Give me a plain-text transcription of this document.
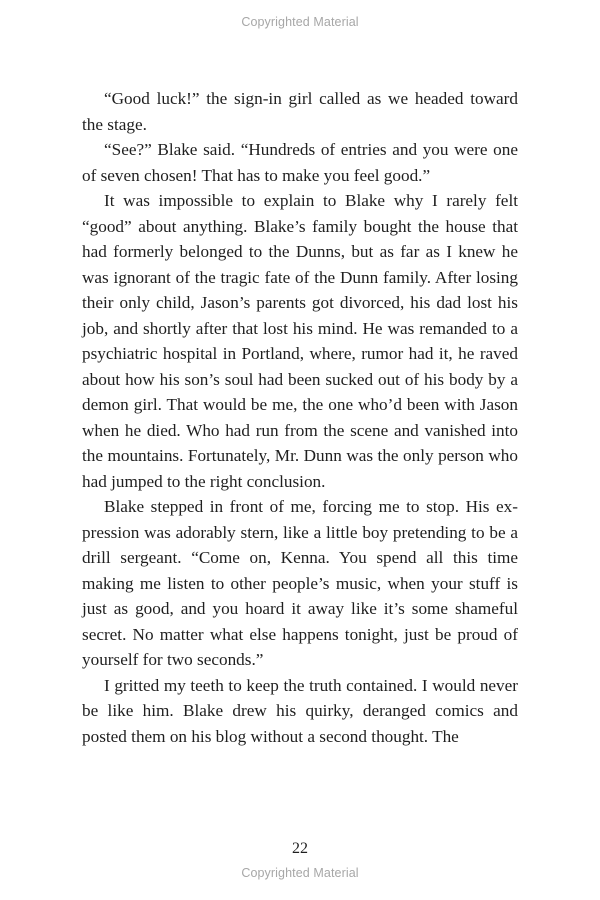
Copyrighted Material

“Good luck!” the sign-in girl called as we headed toward the stage.

“See?” Blake said. “Hundreds of entries and you were one of seven chosen! That has to make you feel good.”

It was impossible to explain to Blake why I rarely felt “good” about anything. Blake’s family bought the house that had formerly belonged to the Dunns, but as far as I knew he was ignorant of the tragic fate of the Dunn family. After losing their only child, Jason’s parents got divorced, his dad lost his job, and shortly after that lost his mind. He was remanded to a psychiatric hospital in Portland, where, rumor had it, he raved about how his son’s soul had been sucked out of his body by a demon girl. That would be me, the one who’d been with Jason when he died. Who had run from the scene and vanished into the mountains. Fortunately, Mr. Dunn was the only person who had jumped to the right conclusion.

Blake stepped in front of me, forcing me to stop. His expression was adorably stern, like a little boy pretending to be a drill sergeant. “Come on, Kenna. You spend all this time making me listen to other people’s music, when your stuff is just as good, and you hoard it away like it’s some shameful secret. No matter what else happens tonight, just be proud of yourself for two seconds.”

I gritted my teeth to keep the truth contained. I would never be like him. Blake drew his quirky, deranged comics and posted them on his blog without a second thought. The

22
Copyrighted Material
